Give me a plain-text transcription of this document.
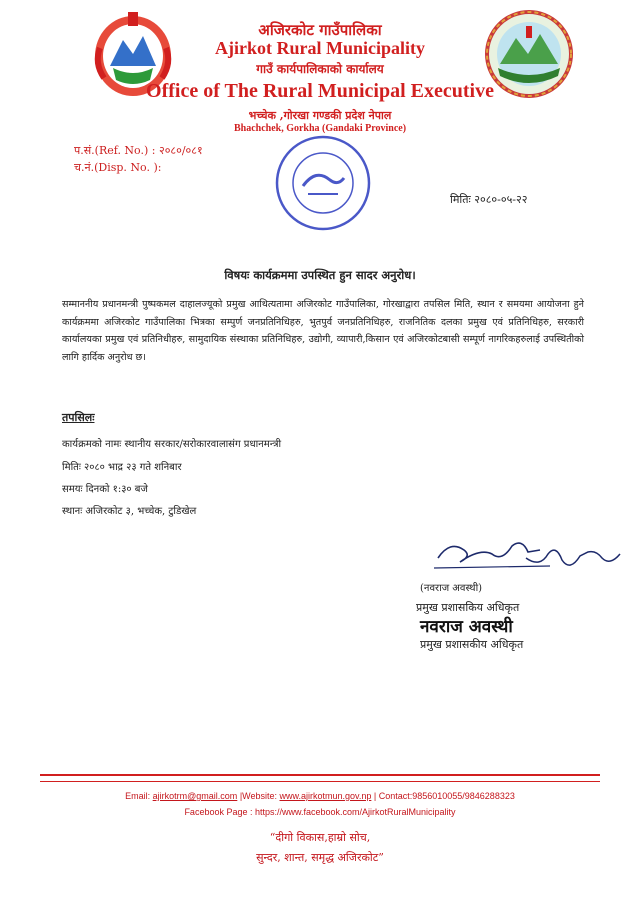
अजिरकोट गाउँपालिका
Ajirkot Rural Municipality
गाउँ कार्यपालिकाको कार्यालय
Office of The Rural Municipal Executive
भच्चेक ,गोरखा गण्डकी प्रदेश नेपाल
Bhachchek, Gorkha (Gandaki Province)
प.सं.(Ref. No.) : २०८०/०८१
च.नं.(Disp. No. ):
मितिः २०८०-०५-२२
विषयः कार्यक्रममा उपस्थित हुन सादर अनुरोध।
सम्माननीय प्रधानमन्त्री पुष्पकमल दाहालज्यूको प्रमुख आथित्यतामा अजिरकोट गाउँपालिका, गोरखाद्वारा तपसिल मिति, स्थान र समयमा आयोजना हुने कार्यक्रममा अजिरकोट गाउँपालिका भित्रका सम्पुर्ण जनप्रतिनिधिहरु, भुतपुर्व जनप्रतिनिधिहरु, राजनितिक दलका प्रमुख एवं प्रतिनिधिहरु, सरकारी कार्यालयका प्रमुख एवं प्रतिनिधीहरु, सामुदायिक संस्थाका प्रतिनिधिहरु, उद्योगी, व्यापारी,किसान एवं अजिरकोटबासी सम्पूर्ण नागरिकहरुलाई उपस्थितीको लागि हार्दिक अनुरोध छ।
तपसिलः
कार्यक्रमको नामः स्थानीय सरकार/सरोकारवालासंग प्रधानमन्त्री
मितिः २०८० भाद्र २३ गते शनिबार
समयः दिनको १:३० बजे
स्थानः अजिरकोट ३, भच्चेक, टुडिखेल
(नवराज अवस्थी)
प्रमुख प्रशासकिय अधिकृत
नवराज अवस्थी
प्रमुख प्रशासकीय अधिकृत
Email: ajirkotrm@gmail.com |Website: www.ajirkotmun.gov.np | Contact:9856010055/9846288323
Facebook Page : https://www.facebook.com/AjirkotRuralMunicipality
“दीगो विकास,हाम्रो सोच,
सुन्दर, शान्त, समृद्ध अजिरकोट”
